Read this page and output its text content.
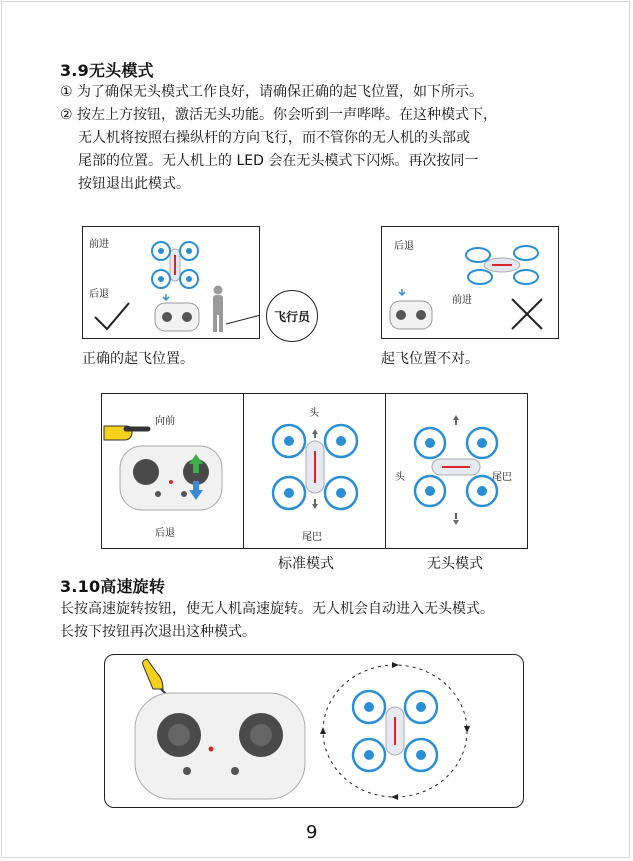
3.9无头模式
① 为了确保无头模式工作良好，请确保正确的起飞位置，如下所示。
② 按左上方按钮，激活无头功能。你会听到一声哔哔。在这种模式下，
无人机将按照右操纵杆的方向飞行，而不管你的无人机的头部或
尾部的位置。无人机上的 LED 会在无头模式下闪烁。再次按同一
按钮退出此模式。
前进
后退
飞行员
正确的起飞位置。
后退
前进
起飞位置不对。
向前
后退
头
尾巴
头	尾巴
标准模式	无头模式
3.10高速旋转
长按高速旋转按钮，使无人机高速旋转。无人机会自动进入无头模式。
长按下按钮再次退出这种模式。
9
